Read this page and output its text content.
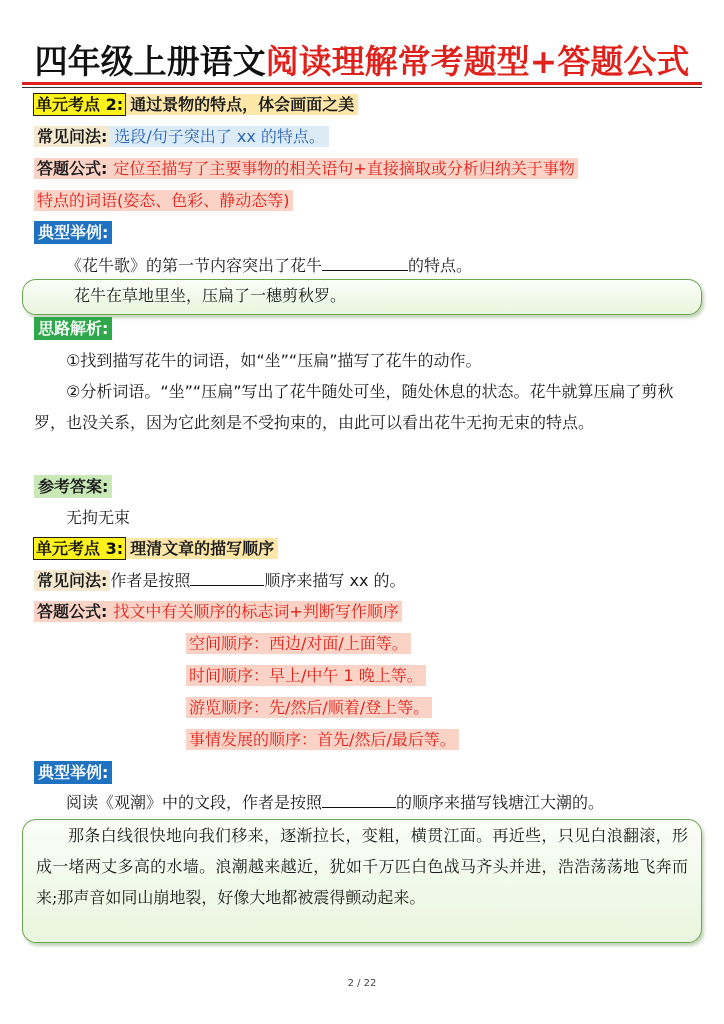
四年级上册语文阅读理解常考题型+答题公式
单元考点 2: 通过景物的特点，体会画面之美
常见问法: 选段/句子突出了 xx 的特点。
答题公式: 定位至描写了主要事物的相关语句+直接摘取或分析归纳关于事物
特点的词语(姿态、色彩、静动态等)
典型举例:
《花牛歌》的第一节内容突出了花牛	的特点。
花牛在草地里坐，压扁了一穗剪秋罗。
思路解析:
①找到描写花牛的词语，如“坐”“压扁”描写了花牛的动作。
②分析词语。“坐”“压扁”写出了花牛随处可坐，随处休息的状态。花牛就算压扁了剪秋罗，也没关系，因为它此刻是不受拘束的，由此可以看出花牛无拘无束的特点。
参考答案:
无拘无束
单元考点 3: 理清文章的描写顺序
常见问法: 作者是按照	顺序来描写 xx 的。
答题公式: 找文中有关顺序的标志词+判断写作顺序
空间顺序：西边/对面/上面等。
时间顺序：早上/中午 1 晚上等。
游览顺序：先/然后/顺着/登上等。
事情发展的顺序：首先/然后/最后等。
典型举例:
阅读《观潮》中的文段，作者是按照	的顺序来描写钱塘江大潮的。
那条白线很快地向我们移来，逐渐拉长，变粗，横贯江面。再近些，只见白浪翻滚，形成一堵两丈多高的水墙。浪潮越来越近，犹如千万匹白色战马齐头并进，浩浩荡荡地飞奔而来;那声音如同山崩地裂，好像大地都被震得颤动起来。
2 / 22
